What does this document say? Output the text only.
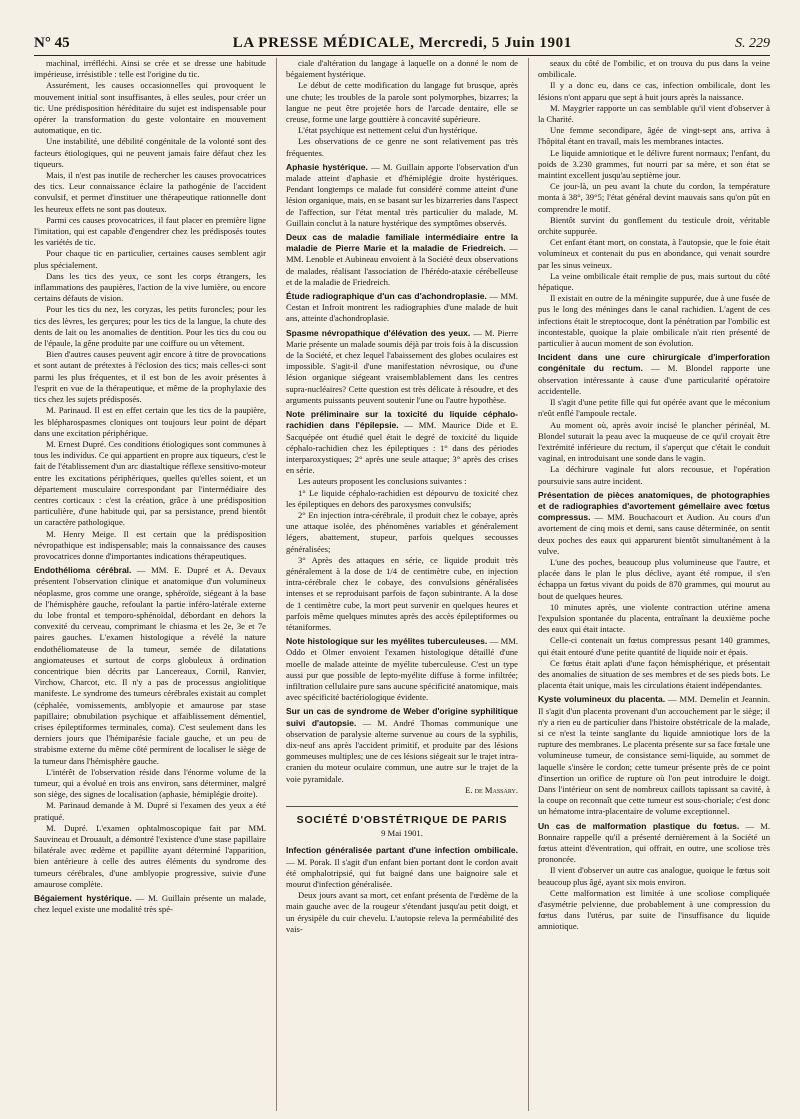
N° 45	LA PRESSE MÉDICALE, Mercredi, 5 Juin 1901	S. 229

machinal, irréfléchi. Ainsi se crée et se dresse une habitude impérieuse, irrésistible : telle est l'origine du tic.

Assurément, les causes occasionnelles qui provoquent le mouvement initial sont insuffisantes, à elles seules, pour créer un tic. Une prédisposition héréditaire du sujet est indispensable pour opérer la transformation du geste volontaire en mouvement automatique, en tic.

Une instabilité, une débilité congénitale de la volonté sont des facteurs étiologiques, qui ne peuvent jamais faire défaut chez les tiqueurs.

Mais, il n'est pas inutile de rechercher les causes provocatrices des tics. Leur connaissance éclaire la pathogénie de l'accident convulsif, et permet d'instituer une thérapeutique rationnelle dont les heureux effets ne sont pas douteux.

Parmi ces causes provocatrices, il faut placer en première ligne l'imitation, qui est capable d'engendrer chez les prédisposés toutes les variétés de tic.

Pour chaque tic en particulier, certaines causes semblent agir plus spécialement.

Dans les tics des yeux, ce sont les corps étrangers, les inflammations des paupières, l'action de la vive lumière, ou encore certains défauts de vision.

Pour les tics du nez, les coryzas, les petits furoncles; pour les tics des lèvres, les gerçures; pour les tics de la langue, la chute des dents de lait ou les anomalies de dentition. Pour les tics du cou ou de l'épaule, la gêne produite par une coiffure ou un vêtement.

Bien d'autres causes peuvent agir encore à titre de provocations et sont autant de prétextes à l'éclosion des tics; mais celles-ci sont parmi les plus fréquentes, et il est bon de les avoir présentes à l'esprit en vue de la thérapeutique, et même de la prophylaxie des tics chez les sujets prédisposés.

M. Parinaud. Il est en effet certain que les tics de la paupière, les blépharospasmes cloniques ont toujours leur point de départ dans une excitation périphérique.

M. Ernest Dupré. Ces conditions étiologiques sont communes à tous les individus. Ce qui appartient en propre aux tiqueurs, c'est le fait de l'établissement d'un arc diastaltique réflexe sensitivo-moteur entre les excitations périphériques, quelles qu'elles soient, et un département musculaire correspondant par l'intermédiaire des centres corticaux : c'est la création, grâce à une prédisposition particulière, d'une habitude qui, par sa persistance, prend bientôt un caractère pathologique.

M. Henry Meige. Il est certain que la prédisposition névropathique est indispensable; mais la connaissance des causes provocatrices donne d'importantes indications thérapeutiques.

Endothélioma cérébral. — MM. E. Dupré et A. Devaux présentent l'observation clinique et anatomique d'un volumineux néoplasme, gros comme une orange, sphéroïde, siégeant à la base de l'hémisphère gauche, refoulant la partie inféro-latérale externe du lobe frontal et temporo-sphénoïdal, débordant en dehors la convexité du cerveau, comprimant le chiasma et les 2e, 3e et 7e paires gauches. L'examen histologique a révélé la nature endothéliomateuse de la tumeur, semée de dilatations angiomateuses et surtout de corps globuleux à ordination concentrique bien décrits par Lancereaux, Cornil, Ranvier, Virchow, Charcot, etc. Il n'y a pas de processus angiolitique manifeste. Le syndrome des tumeurs cérébrales existait au complet (céphalée, vomissements, amblyopie et amaurose par stase papillaire; obnubilation psychique et affaiblissement démentiel, crises épileptiformes terminales, coma). C'est seulement dans les derniers jours que l'hémiparésie faciale gauche, et un peu de strabisme externe du même côté permirent de localiser le siège de la tumeur dans l'hémisphère gauche.

L'intérêt de l'observation réside dans l'énorme volume de la tumeur, qui a évolué en trois ans environ, sans déterminer, malgré son siège, des signes de localisation (aphasie, hémiplégie droite).

M. Parinaud demande à M. Dupré si l'examen des yeux a été pratiqué.

M. Dupré. L'examen ophtalmoscopique fait par MM. Sauvineau et Drouault, a démontré l'existence d'une stase papillaire bilatérale avec œdème et papillite ayant déterminé l'apparition, bien antérieure à celle des autres éléments du syndrome des tumeurs cérébrales, d'une amblyopie progressive, suivie d'une amaurose complète.

Bégaiement hystérique. — M. Guillain présente un malade, chez lequel existe une modalité très spé-

ciale d'altération du langage à laquelle on a donné le nom de bégaiement hystérique.

Le début de cette modification du langage fut brusque, après une chute; les troubles de la parole sont polymorphes, bizarres; la langue ne peut être projetée hors de l'arcade dentaire, elle se creuse, forme une large gouttière à concavité supérieure.

L'état psychique est nettement celui d'un hystérique.

Les observations de ce genre ne sont relativement pas très fréquentes.

Aphasie hystérique. — M. Guillain apporte l'observation d'un malade atteint d'aphasie et d'hémiplégie droite hystériques. Pendant longtemps ce malade fut considéré comme atteint d'une lésion organique, mais, en se basant sur les bizarreries dans l'aspect de l'affection, sur l'état mental très particulier du malade, M. Guillain conclut à la nature hystérique des symptômes observés.

Deux cas de maladie familiale intermédiaire entre la maladie de Pierre Marie et la maladie de Friedreich. — MM. Lenoble et Aubineau envoient à la Société deux observations de malades, réalisant l'association de l'hérédo-ataxie cérébelleuse et de la maladie de Friedreich.

Étude radiographique d'un cas d'achondroplasie. — MM. Cestan et Infroit montrent les radiographies d'une malade de huit ans, atteinte d'achondroplasie.

Spasme névropathique d'élévation des yeux. — M. Pierre Marie présente un malade soumis déjà par trois fois à la discussion de la Société, et chez lequel l'abaissement des globes oculaires est impossible. S'agit-il d'une manifestation névrosique, ou d'une lésion organique siégeant vraisemblablement dans les centres supra-nucléaires? Cette question est très délicate à résoudre, et des arguments puissants peuvent soutenir l'une ou l'autre hypothèse.

Note préliminaire sur la toxicité du liquide céphalo-rachidien dans l'épilepsie. — MM. Maurice Dide et E. Sacquépée ont étudié quel était le degré de toxicité du liquide céphalo-rachidien chez les épileptiques : 1° dans des périodes interparoxystiques; 2° après une seule attaque; 3° après des crises en série.

Les auteurs proposent les conclusions suivantes :

1° Le liquide céphalo-rachidien est dépourvu de toxicité chez les épileptiques en dehors des paroxysmes convulsifs;

2° En injection intra-cérébrale, il produit chez le cobaye, après une attaque isolée, des phénomènes variables et généralement légers, abattement, stupeur, parfois quelques secousses généralisées;

3° Après des attaques en série, ce liquide produit très généralement à la dose de 1/4 de centimètre cube, en injection intra-cérébrale chez le cobaye, des convulsions généralisées intenses et se reproduisant parfois de façon subintrante. A la dose de 1 centimètre cube, la mort peut survenir en quelques heures et parfois même quelques minutes après des accès épileptiformes ou tétaniformes.

Note histologique sur les myélites tuberculeuses. — MM. Oddo et Olmer envoient l'examen histologique détaillé d'une moelle de malade atteinte de myélite tuberculeuse. C'est un type aussi pur que possible de lepto-myélite diffuse à forme infiltrée; infiltration cellulaire pure sans aucune spécificité anatomique, mais avec spécificité bactériologique évidente.

Sur un cas de syndrome de Weber d'origine syphilitique suivi d'autopsie. — M. André Thomas communique une observation de paralysie alterne survenue au cours de la syphilis, dix-neuf ans après l'accident primitif, et produite par des lésions gommeuses multiples; une de ces lésions siégeait sur le trajet intra-cranien du moteur oculaire commun, une autre sur le trajet de la voie pyramidale.

E. de Massary.

SOCIÉTÉ D'OBSTÉTRIQUE DE PARIS
9 Mai 1901.

Infection généralisée partant d'une infection ombilicale. — M. Porak. Il s'agit d'un enfant bien portant dont le cordon avait été omphalotripsié, qui fut baigné dans une baignoire sale et mourut d'infection généralisée.

Deux jours avant sa mort, cet enfant présenta de l'œdème de la main gauche avec de la rougeur s'étendant jusqu'au petit doigt, et un érysipèle du cuir chevelu. L'autopsie releva la perméabilité des vais-

seaux du côté de l'ombilic, et on trouva du pus dans la veine ombilicale.

Il y a donc eu, dans ce cas, infection ombilicale, dont les lésions n'ont apparu que sept à huit jours après la naissance.

M. Maygrier rapporte un cas semblable qu'il vient d'observer à la Charité.

Une femme secondipare, âgée de vingt-sept ans, arriva à l'hôpital étant en travail, mais les membranes intactes.

Le liquide amniotique et le délivre furent normaux; l'enfant, du poids de 3.230 grammes, fut nourri par sa mère, et son état se maintint excellent jusqu'au septième jour.

Ce jour-là, un peu avant la chute du cordon, la température monta à 38°, 39°5; l'état général devint mauvais sans qu'on pût en comprendre le motif.

Bientôt survint du gonflement du testicule droit, véritable orchite suppurée.

Cet enfant étant mort, on constata, à l'autopsie, que le foie était volumineux et contenait du pus en abondance, qui venait sourdre par les sinus veineux.

La veine ombilicale était remplie de pus, mais surtout du côté hépatique.

Il existait en outre de la méningite suppurée, due à une fusée de pus le long des méninges dans le canal rachidien. L'agent de ces infections était le streptocoque, dont la pénétration par l'ombilic est incontestable, quoique la plaie ombilicale n'ait rien présenté de particulier à aucun moment de son évolution.

Incident dans une cure chirurgicale d'imperforation congénitale du rectum. — M. Blondel rapporte une observation intéressante à cause d'une particularité opératoire accidentelle.

Il s'agit d'une petite fille qui fut opérée avant que le méconium n'eût enflé l'ampoule rectale.

Au moment où, après avoir incisé le plancher périnéal, M. Blondel suturait la peau avec la muqueuse de ce qu'il croyait être l'extrémité inférieure du rectum, il s'aperçut que c'était le conduit vaginal, en introduisant une sonde dans le vagin.

La déchirure vaginale fut alors recousue, et l'opération poursuivie sans autre incident.

Présentation de pièces anatomiques, de photographies et de radiographies d'avortement gémellaire avec fœtus compressus. — MM. Bouchacourt et Audion. Au cours d'un avortement de cinq mois et demi, sans cause déterminée, on sentit deux poches des eaux qui apparurent bientôt simultanément à la vulve.

L'une des poches, beaucoup plus volumineuse que l'autre, et placée dans le plan le plus déclive, ayant été rompue, il s'en échappa un fœtus vivant du poids de 870 grammes, qui mourut au bout de quelques heures.

10 minutes après, une violente contraction utérine amena l'expulsion spontanée du placenta, entraînant la deuxième poche des eaux qui était intacte.

Celle-ci contenait un fœtus compressus pesant 140 grammes, qui était entouré d'une petite quantité de liquide noir et épais.

Ce fœtus était aplati d'une façon hémisphérique, et présentait des anomalies de situation de ses membres et de ses pieds bots. Le placenta était unique, mais les circulations étaient indépendantes.

Kyste volumineux du placenta. — MM. Demelin et Jeannin. Il s'agit d'un placenta provenant d'un accouchement par le siège; il n'y a rien eu de particulier dans l'histoire obstétricale de la malade, si ce n'est la teinte sanglante du liquide amniotique lors de la rupture des membranes. Le placenta présente sur sa face fœtale une volumineuse tumeur, de consistance semi-liquide, au sommet de laquelle s'insère le cordon; cette tumeur présente près de ce point d'insertion un orifice de rupture où l'on peut introduire le doigt. Dans l'intérieur on sent de nombreux caillots tapissant sa cavité, à la coupe on reconnaît que cette tumeur est sous-choriale; c'est donc un hématome intra-placentaire de volume exceptionnel.

Un cas de malformation plastique du fœtus. — M. Bonnaire rappelle qu'il a présenté dernièrement à la Société un fœtus atteint d'éventration, qui offrait, en outre, une scoliose très prononcée.

Il vient d'observer un autre cas analogue, quoique le fœtus soit beaucoup plus âgé, ayant six mois environ.

Cette malformation est limitée à une scoliose compliquée d'asymétrie pelvienne, due probablement à une compression du fœtus dans l'utérus, par suite de l'insuffisance du liquide amniotique.
